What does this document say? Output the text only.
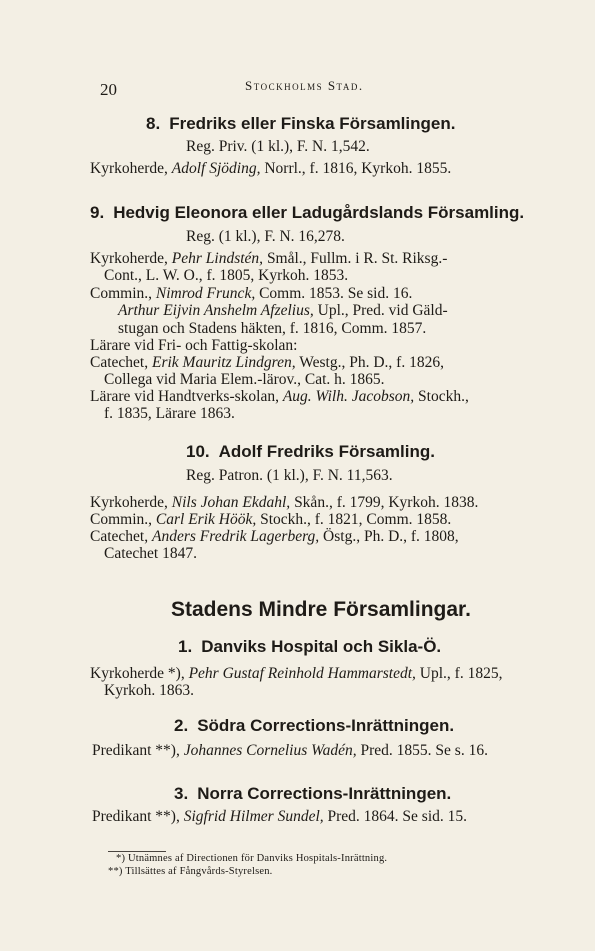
20	Stockholms Stad.
8. Fredriks eller Finska Församlingen.
Reg. Priv. (1 kl.), F. N. 1,542.
Kyrkoherde, Adolf Sjöding, Norrl., f. 1816, Kyrkoh. 1855.
9. Hedvig Eleonora eller Ladugårdslands Församling.
Reg. (1 kl.), F. N. 16,278.
Kyrkoherde, Pehr Lindstén, Smål., Fullm. i R. St. Riksg.-
Cont., L. W. O., f. 1805, Kyrkoh. 1853.
Commin., Nimrod Frunck, Comm. 1853. Se sid. 16.
Arthur Eijvin Anshelm Afzelius, Upl., Pred. vid Gäld-
stugan och Stadens häkten, f. 1816, Comm. 1857.
Lärare vid Fri- och Fattig-skolan:
Catechet, Erik Mauritz Lindgren, Westg., Ph. D., f. 1826,
Collega vid Maria Elem.-lärov., Cat. h. 1865.
Lärare vid Handtverks-skolan, Aug. Wilh. Jacobson, Stockh.,
f. 1835, Lärare 1863.
10. Adolf Fredriks Församling.
Reg. Patron. (1 kl.), F. N. 11,563.
Kyrkoherde, Nils Johan Ekdahl, Skån., f. 1799, Kyrkoh. 1838.
Commin., Carl Erik Höök, Stockh., f. 1821, Comm. 1858.
Catechet, Anders Fredrik Lagerberg, Östg., Ph. D., f. 1808,
Catechet 1847.
Stadens Mindre Församlingar.
1. Danviks Hospital och Sikla-Ö.
Kyrkoherde *), Pehr Gustaf Reinhold Hammarstedt, Upl., f. 1825,
Kyrkoh. 1863.
2. Södra Corrections-Inrättningen.
Predikant **), Johannes Cornelius Wadén, Pred. 1855. Se s. 16.
3. Norra Corrections-Inrättningen.
Predikant **), Sigfrid Hilmer Sundel, Pred. 1864. Se sid. 15.
*) Utnämnes af Directionen för Danviks Hospitals-Inrättning.
**) Tillsättes af Fångvårds-Styrelsen.
